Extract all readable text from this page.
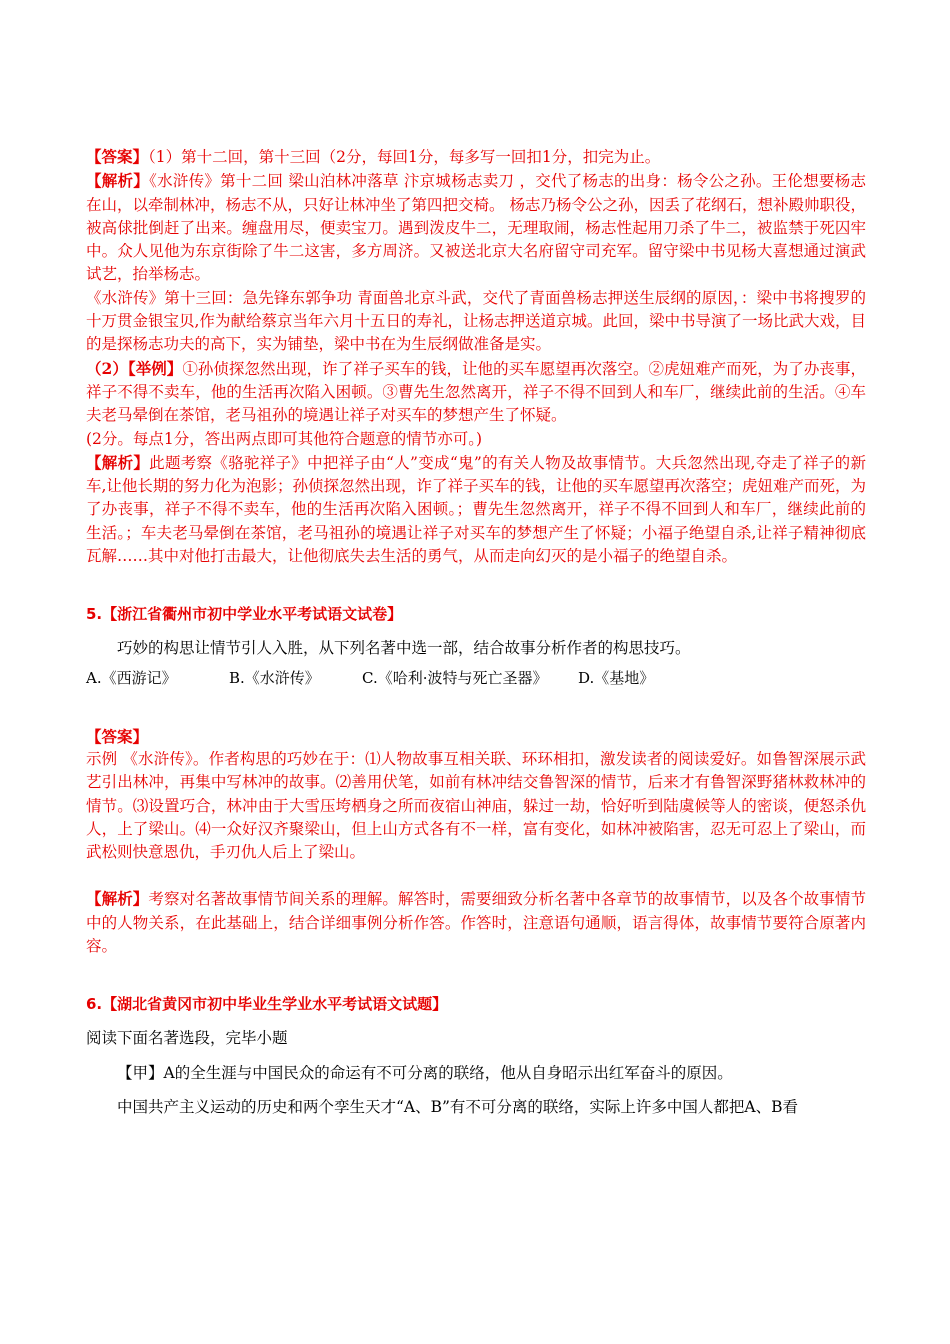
【答案】（1）第十二回，第十三回（2分，每回1分，每多写一回扣1分，扣完为止。

【解析】《水浒传》第十二回 梁山泊林冲落草 汴京城杨志卖刀 ，交代了杨志的出身：杨令公之孙。王伦想要杨志在山，以牵制林冲，杨志不从，只好让林冲坐了第四把交椅。 杨志乃杨令公之孙，因丢了花纲石，想补殿帅职役，被高俅批倒赶了出来。缠盘用尽，便卖宝刀。遇到泼皮牛二，无理取闹，杨志性起用刀杀了牛二，被监禁于死囚牢中。众人见他为东京街除了牛二这害，多方周济。又被送北京大名府留守司充军。留守梁中书见杨大喜想通过演武试艺，抬举杨志。

《水浒传》第十三回：急先锋东郭争功 青面兽北京斗武，交代了青面兽杨志押送生辰纲的原因，：梁中书将搜罗的十万贯金银宝贝,作为献给蔡京当年六月十五日的寿礼，让杨志押送道京城。此回，梁中书导演了一场比武大戏，目的是探杨志功夫的高下，实为铺垫，梁中书在为生辰纲做准备是实。

（2）【举例】①孙侦探忽然出现，诈了祥子买车的钱，让他的买车愿望再次落空。②虎妞难产而死，为了办丧事，祥子不得不卖车，他的生活再次陷入困顿。③曹先生忽然离开，祥子不得不回到人和车厂，继续此前的生活。④车夫老马晕倒在茶馆，老马祖孙的境遇让祥子对买车的梦想产生了怀疑。

(2分。每点1分，答出两点即可其他符合题意的情节亦可。)

【解析】此题考察《骆驼祥子》中把祥子由“人”变成“鬼”的有关人物及故事情节。大兵忽然出现,夺走了祥子的新车,让他长期的努力化为泡影；孙侦探忽然出现，诈了祥子买车的钱，让他的买车愿望再次落空；虎妞难产而死，为了办丧事，祥子不得不卖车，他的生活再次陷入困顿。；曹先生忽然离开，祥子不得不回到人和车厂，继续此前的生活。；车夫老马晕倒在茶馆，老马祖孙的境遇让祥子对买车的梦想产生了怀疑；小福子绝望自杀,让祥子精神彻底瓦解……其中对他打击最大，让他彻底失去生活的勇气，从而走向幻灭的是小福子的绝望自杀。

5.【浙江省衢州市初中学业水平考试语文试卷】

巧妙的构思让情节引人入胜，从下列名著中选一部，结合故事分析作者的构思技巧。

A.《西游记》	B.《水浒传》	C.《哈利·波特与死亡圣器》	D.《基地》

【答案】

示例 《水浒传》。作者构思的巧妙在于：⑴人物故事互相关联、环环相扣，激发读者的阅读爱好。如鲁智深展示武艺引出林冲，再集中写林冲的故事。⑵善用伏笔，如前有林冲结交鲁智深的情节，后来才有鲁智深野猪林救林冲的情节。⑶设置巧合，林冲由于大雪压垮栖身之所而夜宿山神庙，躲过一劫，恰好听到陆虞候等人的密谈，便怒杀仇人，上了梁山。⑷一众好汉齐聚梁山，但上山方式各有不一样，富有变化，如林冲被陷害，忍无可忍上了梁山，而武松则快意恩仇，手刃仇人后上了梁山。

【解析】考察对名著故事情节间关系的理解。解答时，需要细致分析名著中各章节的故事情节，以及各个故事情节中的人物关系，在此基础上，结合详细事例分析作答。作答时，注意语句通顺，语言得体，故事情节要符合原著内容。

6.【湖北省黄冈市初中毕业生学业水平考试语文试题】

阅读下面名著选段，完毕小题

【甲】A的全生涯与中国民众的命运有不可分离的联络，他从自身昭示出红军奋斗的原因。

中国共产主义运动的历史和两个孪生天才“A、B”有不可分离的联络，实际上许多中国人都把A、B看
